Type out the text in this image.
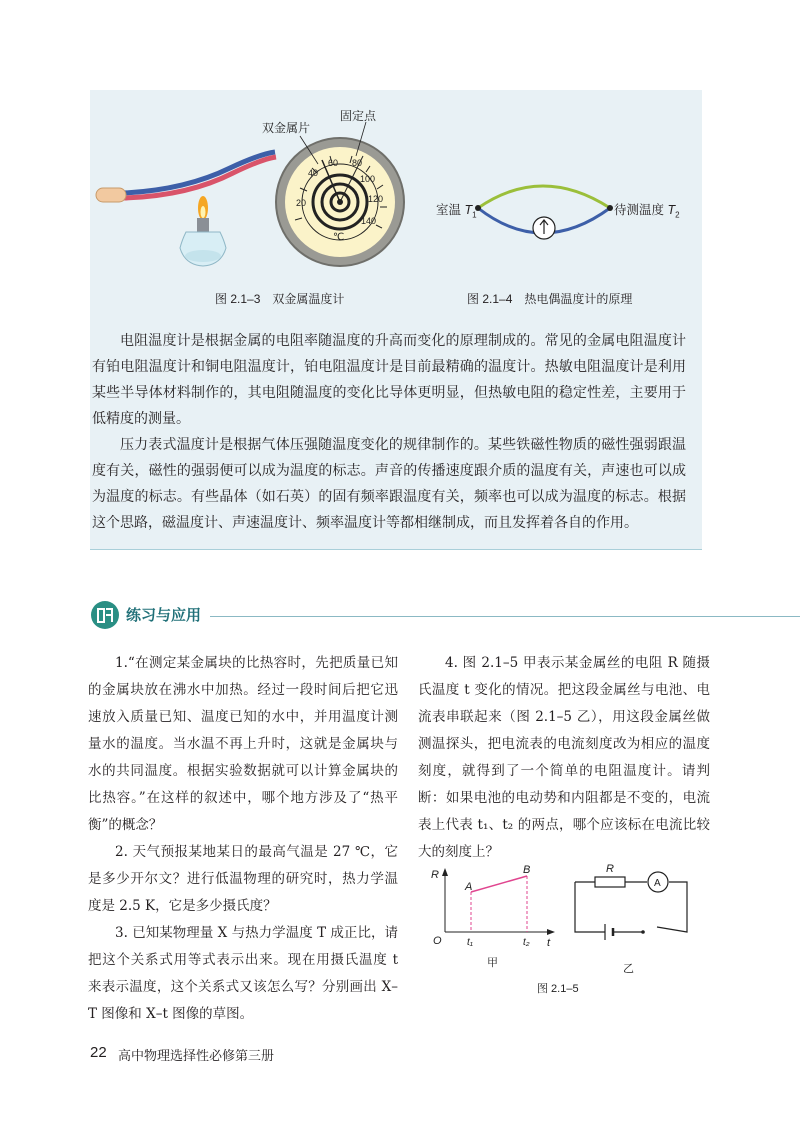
20
40
60 80
100
120
140
℃
双金属片
固定点
室温 $T_1$	待测温度 $T_2$
图 2.1–3　双金属温度计	图 2.1–4　热电偶温度计的原理

电阻温度计是根据金属的电阻率随温度的升高而变化的原理制成的。常见的金属电阻温度计有铂电阻温度计和铜电阻温度计，铂电阻温度计是目前最精确的温度计。热敏电阻温度计是利用某些半导体材料制作的，其电阻随温度的变化比导体更明显，但热敏电阻的稳定性差，主要用于低精度的测量。

压力表式温度计是根据气体压强随温度变化的规律制作的。某些铁磁性物质的磁性强弱跟温度有关，磁性的强弱便可以成为温度的标志。声音的传播速度跟介质的温度有关，声速也可以成为温度的标志。有些晶体（如石英）的固有频率跟温度有关，频率也可以成为温度的标志。根据这个思路，磁温度计、声速温度计、频率温度计等都相继制成，而且发挥着各自的作用。

练习与应用

1.“在测定某金属块的比热容时，先把质量已知的金属块放在沸水中加热。经过一段时间后把它迅速放入质量已知、温度已知的水中，并用温度计测量水的温度。当水温不再上升时，这就是金属块与水的共同温度。根据实验数据就可以计算金属块的比热容。”在这样的叙述中，哪个地方涉及了“热平衡”的概念？

2. 天气预报某地某日的最高气温是 27 ℃，它是多少开尔文？进行低温物理的研究时，热力学温度是 2.5 K，它是多少摄氏度？

3. 已知某物理量 X 与热力学温度 T 成正比，请把这个关系式用等式表示出来。现在用摄氏温度 t 来表示温度，这个关系式又该怎么写？分别画出 X–T 图像和 X–t 图像的草图。

4. 图 2.1–5 甲表示某金属丝的电阻 R 随摄氏温度 t 变化的情况。把这段金属丝与电池、电流表串联起来（图 2.1–5 乙），用这段金属丝做测温探头，把电流表的电流刻度改为相应的温度刻度，就得到了一个简单的电阻温度计。请判断：如果电池的电动势和内阻都是不变的，电流表上代表 t₁、t₂ 的两点，哪个应该标在电流比较大的刻度上？

R
t
O
A
B
t₁	t₂
甲
A
R
乙
图 2.1–5
22 高中物理选择性必修第三册
